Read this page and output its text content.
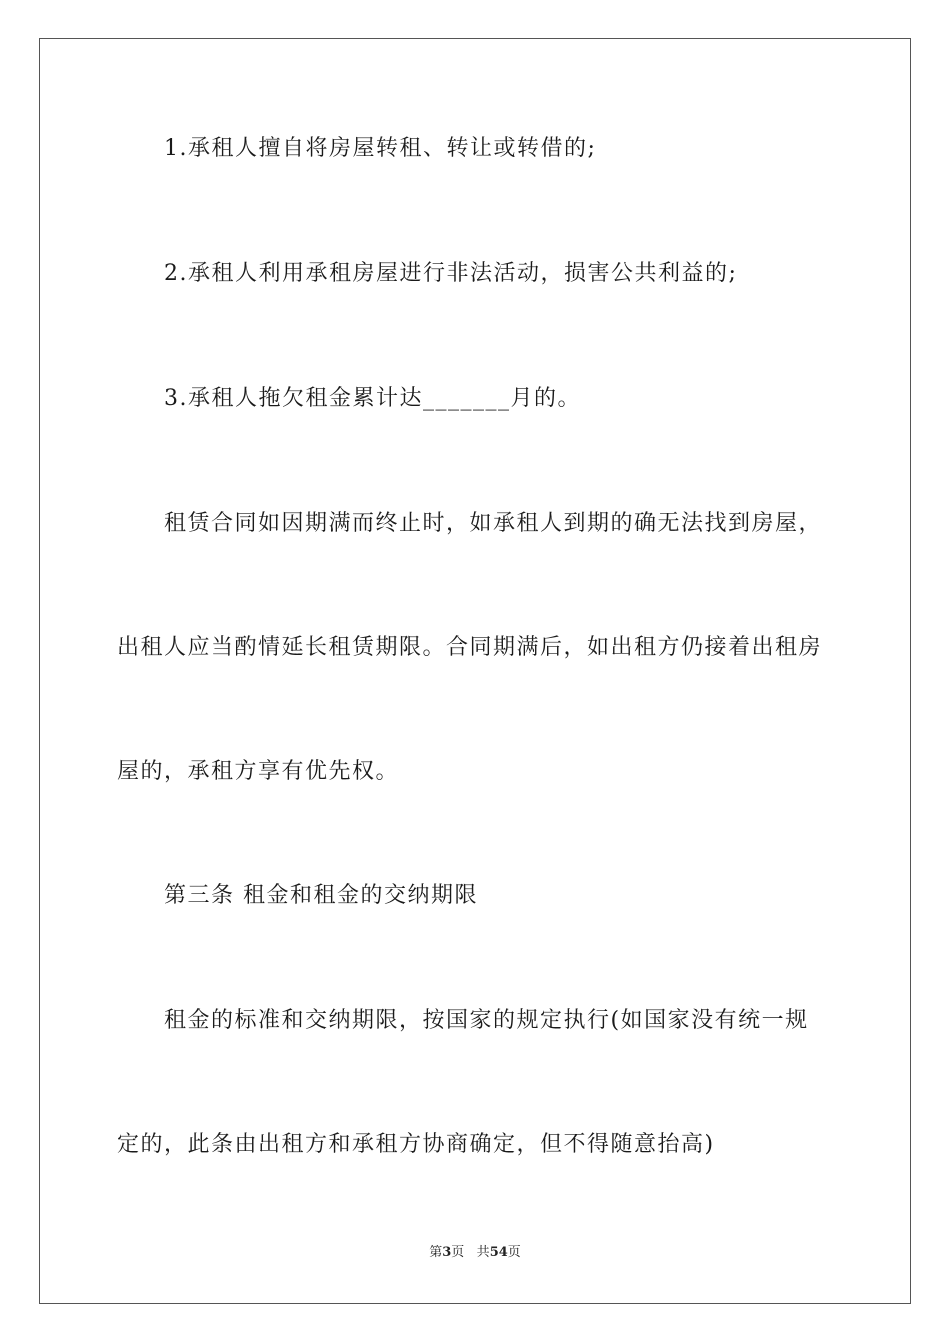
1.承租人擅自将房屋转租、转让或转借的;
2.承租人利用承租房屋进行非法活动，损害公共利益的;
3.承租人拖欠租金累计达_______月的。
租赁合同如因期满而终止时，如承租人到期的确无法找到房屋，
出租人应当酌情延长租赁期限。合同期满后，如出租方仍接着出租房
屋的，承租方享有优先权。
第三条 租金和租金的交纳期限
租金的标准和交纳期限，按国家的规定执行(如国家没有统一规
定的，此条由出租方和承租方协商确定，但不得随意抬高)
第3页 共54页
